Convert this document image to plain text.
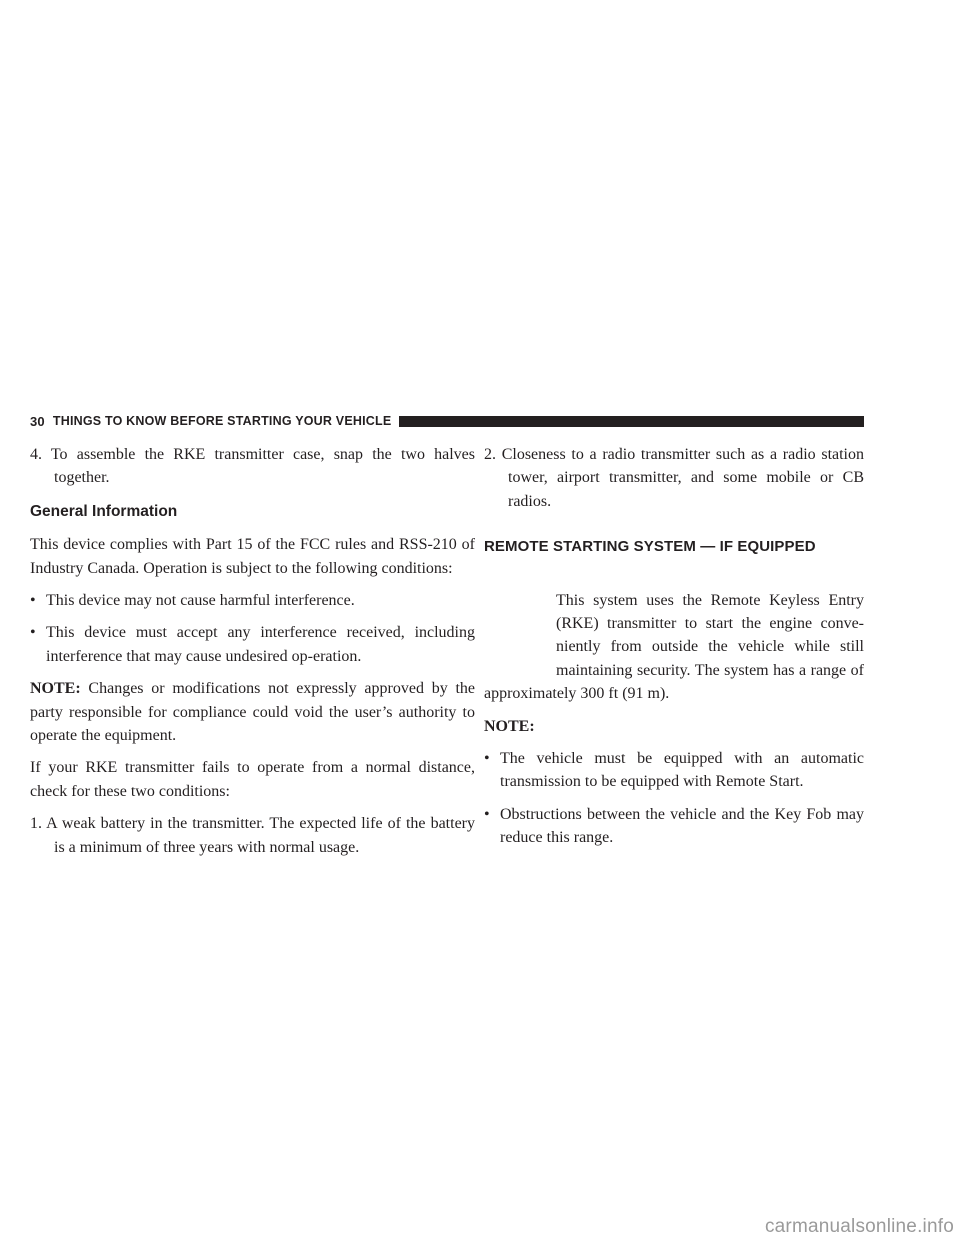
30 THINGS TO KNOW BEFORE STARTING YOUR VEHICLE

4. To assemble the RKE transmitter case, snap the two halves together.

General Information

This device complies with Part 15 of the FCC rules and RSS-210 of Industry Canada. Operation is subject to the following conditions:

• This device may not cause harmful interference.
• This device must accept any interference received, including interference that may cause undesired op-eration.

NOTE: Changes or modifications not expressly approved by the party responsible for compliance could void the user’s authority to operate the equipment.

If your RKE transmitter fails to operate from a normal distance, check for these two conditions:

1. A weak battery in the transmitter. The expected life of the battery is a minimum of three years with normal usage.

2. Closeness to a radio transmitter such as a radio station tower, airport transmitter, and some mobile or CB radios.

REMOTE STARTING SYSTEM — IF EQUIPPED
This system uses the Remote Keyless Entry
(RKE) transmitter to start the engine conve-
niently from outside the vehicle while still
maintaining security. The system has a range of

approximately 300 ft (91 m).

NOTE:

• The vehicle must be equipped with an automatic transmission to be equipped with Remote Start.
• Obstructions between the vehicle and the Key Fob may reduce this range.
carmanualsonline.info
